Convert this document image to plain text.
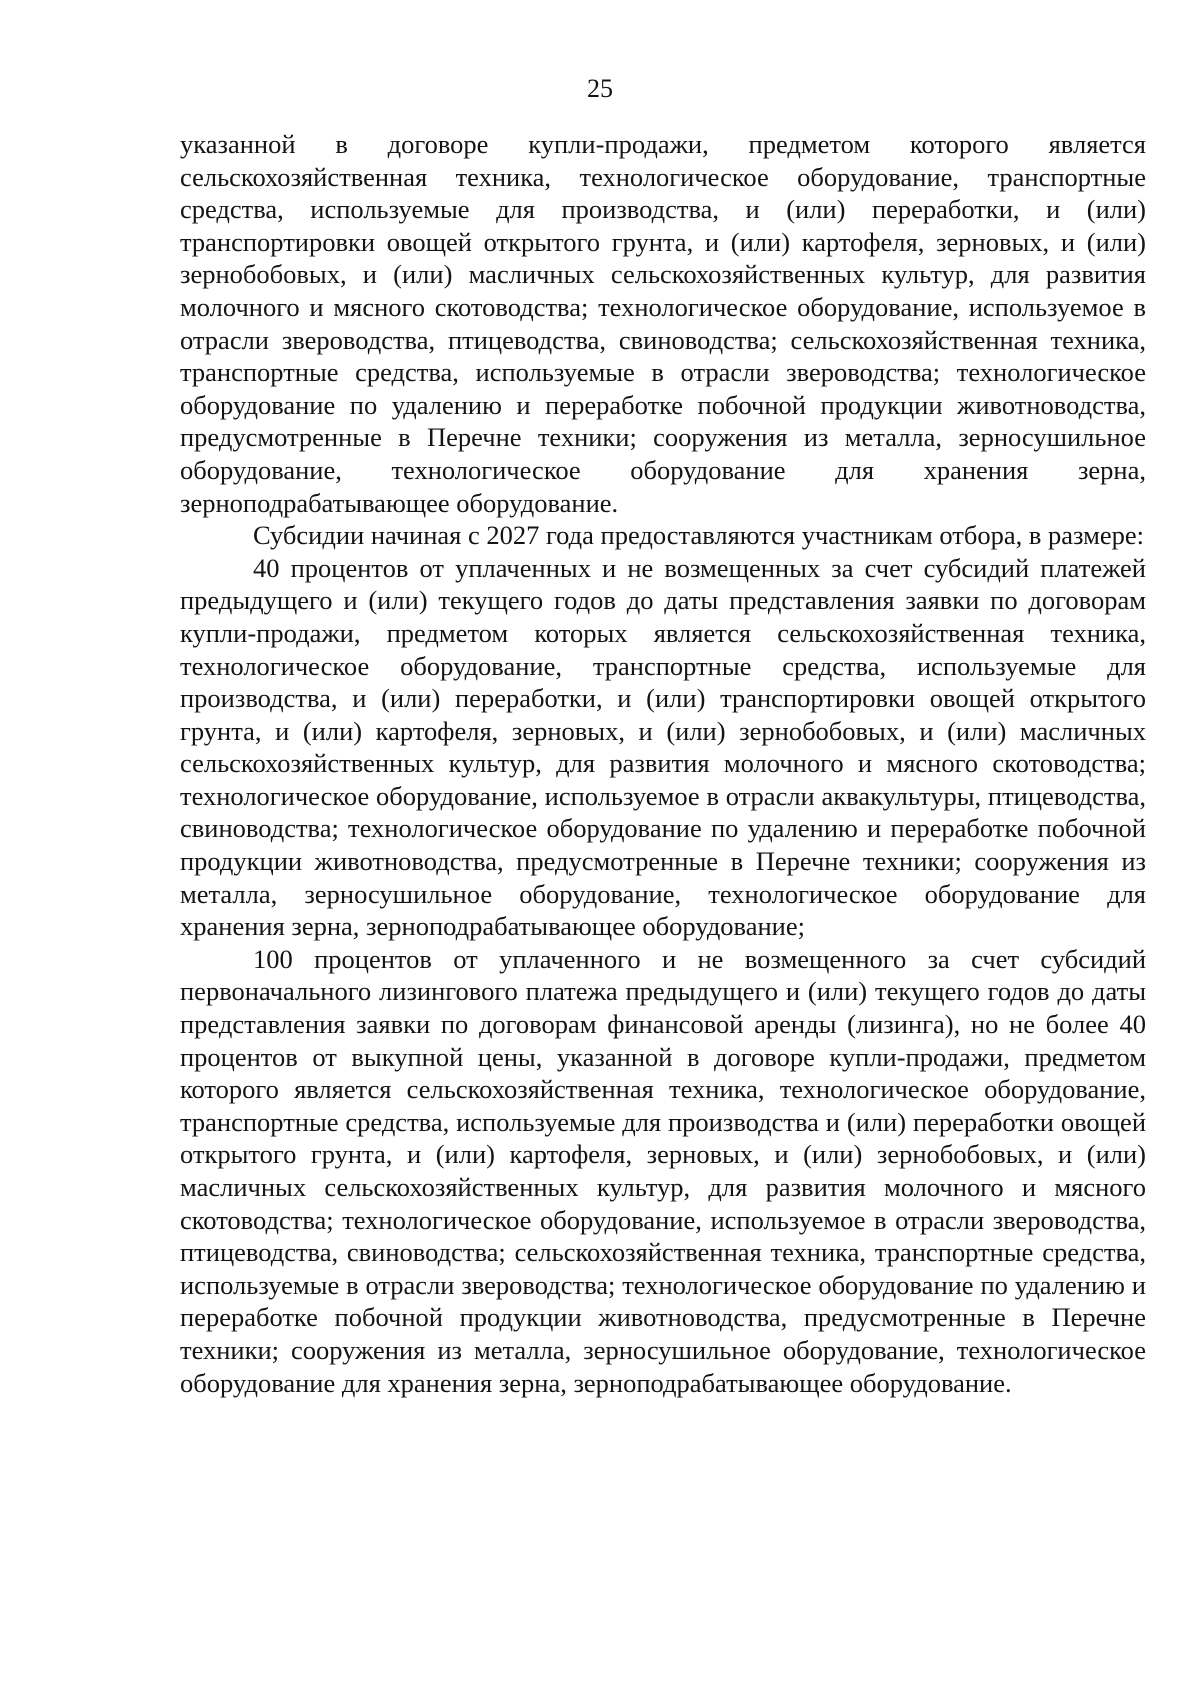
25

указанной в договоре купли-продажи, предметом которого является сельскохозяйственная техника, технологическое оборудование, транспортные средства, используемые для производства, и (или) переработки, и (или) транспортировки овощей открытого грунта, и (или) картофеля, зерновых, и (или) зернобобовых, и (или) масличных сельскохозяйственных культур, для развития молочного и мясного скотоводства; технологическое оборудование, используемое в отрасли звероводства, птицеводства, свиноводства; сельскохозяйственная техника, транспортные средства, используемые в отрасли звероводства; технологическое оборудование по удалению и переработке побочной продукции животноводства, предусмотренные в Перечне техники; сооружения из металла, зерносушильное оборудование, технологическое оборудование для хранения зерна, зерноподрабатывающее оборудование.

Субсидии начиная с 2027 года предоставляются участникам отбора, в размере:

40 процентов от уплаченных и не возмещенных за счет субсидий платежей предыдущего и (или) текущего годов до даты представления заявки по договорам купли-продажи, предметом которых является сельскохозяйственная техника, технологическое оборудование, транспортные средства, используемые для производства, и (или) переработки, и (или) транспортировки овощей открытого грунта, и (или) картофеля, зерновых, и (или) зернобобовых, и (или) масличных сельскохозяйственных культур, для развития молочного и мясного скотоводства; технологическое оборудование, используемое в отрасли аквакультуры, птицеводства, свиноводства; технологическое оборудование по удалению и переработке побочной продукции животноводства, предусмотренные в Перечне техники; сооружения из металла, зерносушильное оборудование, технологическое оборудование для хранения зерна, зерноподрабатывающее оборудование;

100 процентов от уплаченного и не возмещенного за счет субсидий первоначального лизингового платежа предыдущего и (или) текущего годов до даты представления заявки по договорам финансовой аренды (лизинга), но не более 40 процентов от выкупной цены, указанной в договоре купли-продажи, предметом которого является сельскохозяйственная техника, технологическое оборудование, транспортные средства, используемые для производства и (или) переработки овощей открытого грунта, и (или) картофеля, зерновых, и (или) зернобобовых, и (или) масличных сельскохозяйственных культур, для развития молочного и мясного скотоводства; технологическое оборудование, используемое в отрасли звероводства, птицеводства, свиноводства; сельскохозяйственная техника, транспортные средства, используемые в отрасли звероводства; технологическое оборудование по удалению и переработке побочной продукции животноводства, предусмотренные в Перечне техники; сооружения из металла, зерносушильное оборудование, технологическое оборудование для хранения зерна, зерноподрабатывающее оборудование.
